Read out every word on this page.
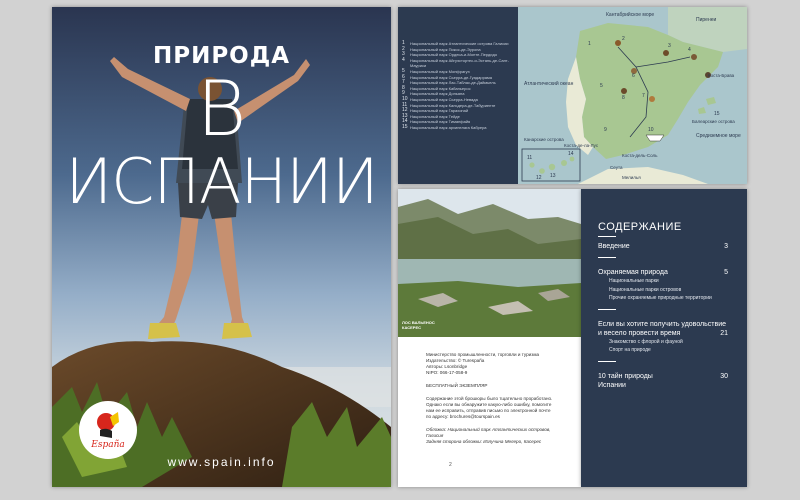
ПРИРОДА
В
ИСПАНИИ
España
www.spain.info
1	Национальный парк Атлантические острова Галисии
2	Национальный парк Пикос-де-Эуропа
3	Национальный парк Ордеса-и-Монте-Пердидо
4	Национальный парк Айгуэстортес-и-Эстань-де-Сант-Мауриси
5	Национальный парк Монфрагуэ
6	Национальный парк Сьерра-де-Гуадаррама
7	Национальный парк Лас-Таблас-де-Даймьель
8	Национальный парк Кабаньерос
9	Национальный парк Доньяна
10 Национальный парк Сьерра-Невада
11 Национальный парк Кальдера-де-Табуриенте
12 Национальный парк Гарахонай
13 Национальный парк Тейде
14 Национальный парк Тиманфайя
15 Национальный парк архипелага Кабрера
1
2
3
4
5
6
7
8
9	10
11
12 13
14
15
Кантабрийское море
Пиренеи
Атлантический океан
Коста-Брава
Балеарские острова
Средиземное море
Канарские острова
Коста-де-ла-Лус
Коста-дель-Соль
Сеута
Мелилья
ЛОС ВАЛЬЕНОС
КАСЕРЕС
Министерство промышленности, торговли и туризма
Издательство: © Turespaña
Авторы: Lsonbridge
NIPO: 066-17-058-9
БЕСПЛАТНЫЙ ЭКЗЕМПЛЯР
Содержание этой брошюры было тщательно проработано.
Однако если вы обнаружите какую-либо ошибку, помогите
нам ее исправить, отправив письмо по электронной почте
по адресу: brochures@tourspain.es
Обложка: Национальный парк Атлантических островов,
Галисия
Задняя сторона обложки: Излучина Мелеро, Касерес
2
СОДЕРЖАНИЕ
Введение	3
Охраняемая природа	5
Национальные парки
Национальные парки островов
Прочие охраняемые природные территории
Если вы хотите получить удовольствие
и весело провести время	21
Знакомство с флорой и фауной
Спорт на природе
10 тайн природы	30
Испании
